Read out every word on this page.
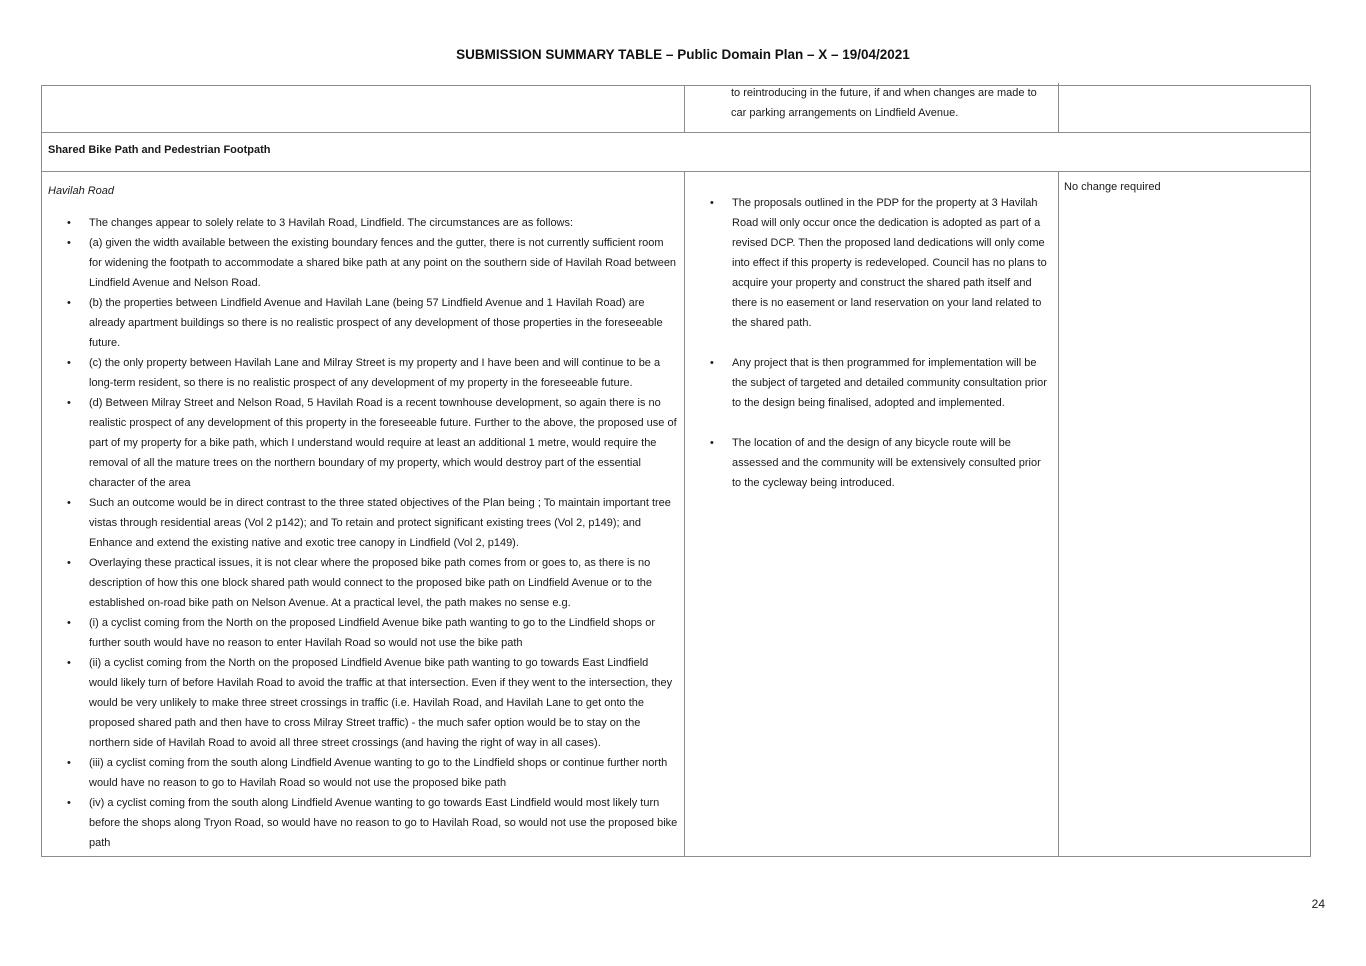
SUBMISSION SUMMARY TABLE – Public Domain Plan – X – 19/04/2021
to reintroducing in the future, if and when changes are made to car parking arrangements on Lindfield Avenue.
Shared Bike Path and Pedestrian Footpath
Havilah Road
• The changes appear to solely relate to 3 Havilah Road, Lindfield. The circumstances are as follows:
• (a) given the width available between the existing boundary fences and the gutter, there is not currently sufficient room for widening the footpath to accommodate a shared bike path at any point on the southern side of Havilah Road between Lindfield Avenue and Nelson Road.
• (b) the properties between Lindfield Avenue and Havilah Lane (being 57 Lindfield Avenue and 1 Havilah Road) are already apartment buildings so there is no realistic prospect of any development of those properties in the foreseeable future.
• (c) the only property between Havilah Lane and Milray Street is my property and I have been and will continue to be a long-term resident, so there is no realistic prospect of any development of my property in the foreseeable future.
• (d) Between Milray Street and Nelson Road, 5 Havilah Road is a recent townhouse development, so again there is no realistic prospect of any development of this property in the foreseeable future. Further to the above, the proposed use of part of my property for a bike path, which I understand would require at least an additional 1 metre, would require the removal of all the mature trees on the northern boundary of my property, which would destroy part of the essential character of the area
• Such an outcome would be in direct contrast to the three stated objectives of the Plan being ; To maintain important tree vistas through residential areas (Vol 2 p142); and To retain and protect significant existing trees (Vol 2, p149); and Enhance and extend the existing native and exotic tree canopy in Lindfield (Vol 2, p149).
• Overlaying these practical issues, it is not clear where the proposed bike path comes from or goes to, as there is no description of how this one block shared path would connect to the proposed bike path on Lindfield Avenue or to the established on-road bike path on Nelson Avenue. At a practical level, the path makes no sense e.g.
• (i) a cyclist coming from the North on the proposed Lindfield Avenue bike path wanting to go to the Lindfield shops or further south would have no reason to enter Havilah Road so would not use the bike path
• (ii) a cyclist coming from the North on the proposed Lindfield Avenue bike path wanting to go towards East Lindfield would likely turn of before Havilah Road to avoid the traffic at that intersection. Even if they went to the intersection, they would be very unlikely to make three street crossings in traffic (i.e. Havilah Road, and Havilah Lane to get onto the proposed shared path and then have to cross Milray Street traffic) - the much safer option would be to stay on the northern side of Havilah Road to avoid all three street crossings (and having the right of way in all cases).
• (iii) a cyclist coming from the south along Lindfield Avenue wanting to go to the Lindfield shops or continue further north would have no reason to go to Havilah Road so would not use the proposed bike path
• (iv) a cyclist coming from the south along Lindfield Avenue wanting to go towards East Lindfield would most likely turn before the shops along Tryon Road, so would have no reason to go to Havilah Road, so would not use the proposed bike path
• The proposals outlined in the PDP for the property at 3 Havilah Road will only occur once the dedication is adopted as part of a revised DCP. Then the proposed land dedications will only come into effect if this property is redeveloped. Council has no plans to acquire your property and construct the shared path itself and there is no easement or land reservation on your land related to the shared path.
• Any project that is then programmed for implementation will be the subject of targeted and detailed community consultation prior to the design being finalised, adopted and implemented.
• The location of and the design of any bicycle route will be assessed and the community will be extensively consulted prior to the cycleway being introduced.
No change required
24
